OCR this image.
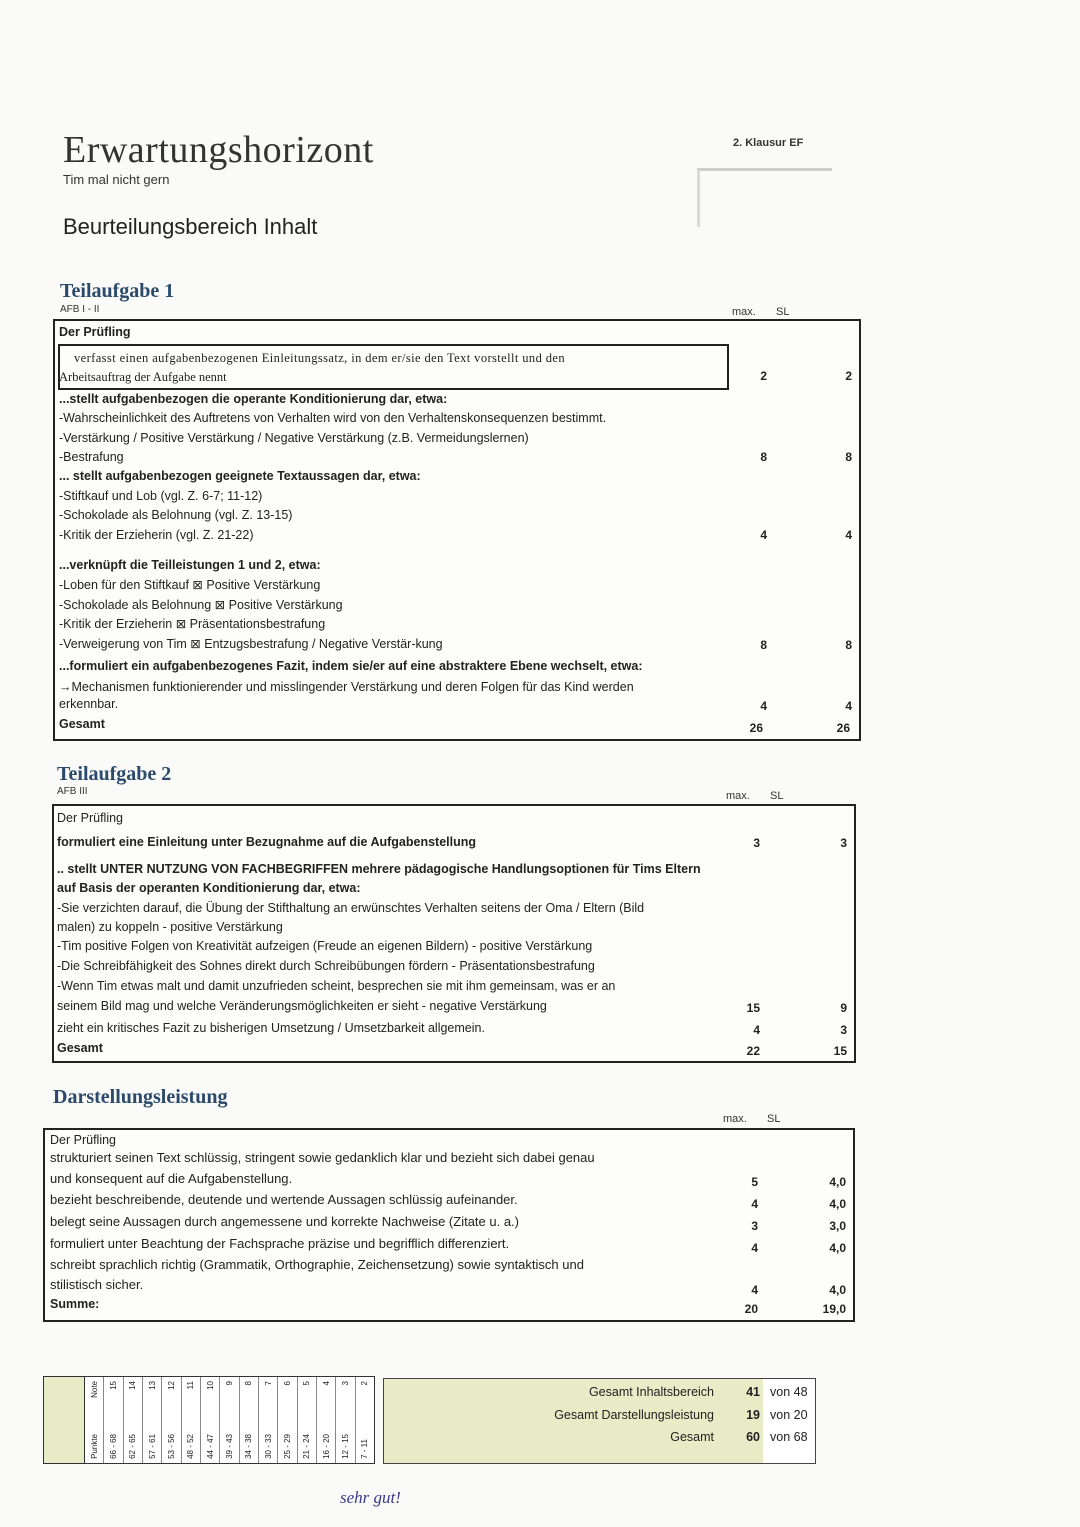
Erwartungshorizont
Tim mal nicht gern
2. Klausur EF
Beurteilungsbereich Inhalt
Teilaufgabe 1
AFB I - II	max. SL
Der Prüfling
verfasst einen aufgabenbezogenen Einleitungssatz, in dem er/sie den Text vorstellt und den
Arbeitsauftrag der Aufgabe nennt
...stellt aufgabenbezogen die operante Konditionierung dar, etwa:
-Wahrscheinlichkeit des Auftretens von Verhalten wird von den Verhaltenskonsequenzen bestimmt.
-Verstärkung / Positive Verstärkung / Negative Verstärkung (z.B. Vermeidungslernen)
-Bestrafung
... stellt aufgabenbezogen geeignete Textaussagen dar, etwa:
-Stiftkauf und Lob (vgl. Z. 6-7; 11-12)
-Schokolade als Belohnung (vgl. Z. 13-15)
-Kritik der Erzieherin (vgl. Z. 21-22)
...verknüpft die Teilleistungen 1 und 2, etwa:
-Loben für den Stiftkauf ⊠ Positive Verstärkung
-Schokolade als Belohnung ⊠ Positive Verstärkung
-Kritik der Erzieherin ⊠ Präsentationsbestrafung
-Verweigerung von Tim ⊠ Entzugsbestrafung / Negative Verstär-kung
...formuliert ein aufgabenbezogenes Fazit, indem sie/er auf eine abstraktere Ebene wechselt, etwa:
→Mechanismen funktionierender und misslingender Verstärkung und deren Folgen für das Kind werden
erkennbar.
Gesamt
2
8
4
8
4
26
2
8
4
8
4
26
Teilaufgabe 2
AFB III	max. SL
Der Prüfling
formuliert eine Einleitung unter Bezugnahme auf die Aufgabenstellung
.. stellt UNTER NUTZUNG VON FACHBEGRIFFEN mehrere pädagogische Handlungsoptionen für Tims Eltern
auf Basis der operanten Konditionierung dar, etwa:
-Sie verzichten darauf, die Übung der Stifthaltung an erwünschtes Verhalten seitens der Oma / Eltern (Bild
malen) zu koppeln - positive Verstärkung
-Tim positive Folgen von Kreativität aufzeigen (Freude an eigenen Bildern) - positive Verstärkung
-Die Schreibfähigkeit des Sohnes direkt durch Schreibübungen fördern - Präsentationsbestrafung
-Wenn Tim etwas malt und damit unzufrieden scheint, besprechen sie mit ihm gemeinsam, was er an
seinem Bild mag und welche Veränderungsmöglichkeiten er sieht - negative Verstärkung
zieht ein kritisches Fazit zu bisherigen Umsetzung / Umsetzbarkeit allgemein.
Gesamt
3
15
4
22
3
9
3
15
Darstellungsleistung
max. SL
Der Prüfling
strukturiert seinen Text schlüssig, stringent sowie gedanklich klar und bezieht sich dabei genau
und konsequent auf die Aufgabenstellung.
bezieht beschreibende, deutende und wertende Aussagen schlüssig aufeinander.
belegt seine Aussagen durch angemessene und korrekte Nachweise (Zitate u. a.)
formuliert unter Beachtung der Fachsprache präzise und begrifflich differenziert.
schreibt sprachlich richtig (Grammatik, Orthographie, Zeichensetzung) sowie syntaktisch und
stilistisch sicher.
Summe:
5
4
3
4
4
20
4,0
4,0
3,0
4,0
4,0
19,0
Note
Punkte
15
66 - 68
14
62 - 65
13
57 - 61
12
53 - 56
11
48 - 52
10
44 - 47
9
39 - 43
8
34 - 38
7
30 - 33
6
25 - 29
5
21 - 24
4
16 - 20
3
12 - 15
2
7 - 11
Gesamt Inhaltsbereich
Gesamt Darstellungsleistung
Gesamt
41
19
60
von 48
von 20
von 68
sehr gut!
